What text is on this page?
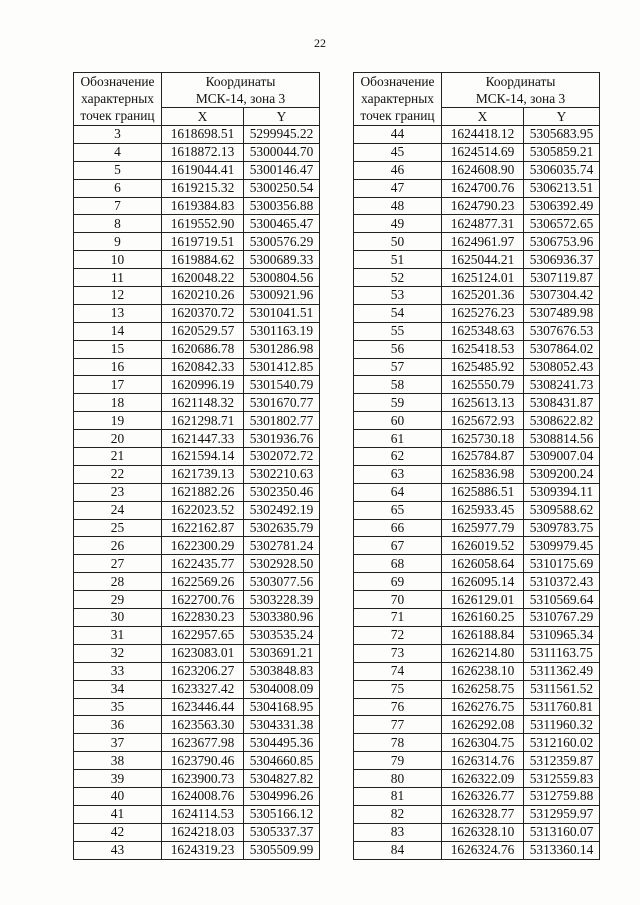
22
Обозначение	Координаты	
характерных	МСК-14, зона 3	
точек границ	X	Y
3	1618698.51	5299945.22
4	1618872.13	5300044.70
5	1619044.41	5300146.47
6	1619215.32	5300250.54
7	1619384.83	5300356.88
8	1619552.90	5300465.47
9	1619719.51	5300576.29
10	1619884.62	5300689.33
11	1620048.22	5300804.56
12	1620210.26	5300921.96
13	1620370.72	5301041.51
14	1620529.57	5301163.19
15	1620686.78	5301286.98
16	1620842.33	5301412.85
17	1620996.19	5301540.79
18	1621148.32	5301670.77
19	1621298.71	5301802.77
20	1621447.33	5301936.76
21	1621594.14	5302072.72
22	1621739.13	5302210.63
23	1621882.26	5302350.46
24	1622023.52	5302492.19
25	1622162.87	5302635.79
26	1622300.29	5302781.24
27	1622435.77	5302928.50
28	1622569.26	5303077.56
29	1622700.76	5303228.39
30	1622830.23	5303380.96
31	1622957.65	5303535.24
32	1623083.01	5303691.21
33	1623206.27	5303848.83
34	1623327.42	5304008.09
35	1623446.44	5304168.95
36	1623563.30	5304331.38
37	1623677.98	5304495.36
38	1623790.46	5304660.85
39	1623900.73	5304827.82
40	1624008.76	5304996.26
41	1624114.53	5305166.12
42	1624218.03	5305337.37
43	1624319.23	5305509.99
Обозначение	Координаты	
характерных	МСК-14, зона 3	
точек границ	X	Y
44	1624418.12	5305683.95
45	1624514.69	5305859.21
46	1624608.90	5306035.74
47	1624700.76	5306213.51
48	1624790.23	5306392.49
49	1624877.31	5306572.65
50	1624961.97	5306753.96
51	1625044.21	5306936.37
52	1625124.01	5307119.87
53	1625201.36	5307304.42
54	1625276.23	5307489.98
55	1625348.63	5307676.53
56	1625418.53	5307864.02
57	1625485.92	5308052.43
58	1625550.79	5308241.73
59	1625613.13	5308431.87
60	1625672.93	5308622.82
61	1625730.18	5308814.56
62	1625784.87	5309007.04
63	1625836.98	5309200.24
64	1625886.51	5309394.11
65	1625933.45	5309588.62
66	1625977.79	5309783.75
67	1626019.52	5309979.45
68	1626058.64	5310175.69
69	1626095.14	5310372.43
70	1626129.01	5310569.64
71	1626160.25	5310767.29
72	1626188.84	5310965.34
73	1626214.80	5311163.75
74	1626238.10	5311362.49
75	1626258.75	5311561.52
76	1626276.75	5311760.81
77	1626292.08	5311960.32
78	1626304.75	5312160.02
79	1626314.76	5312359.87
80	1626322.09	5312559.83
81	1626326.77	5312759.88
82	1626328.77	5312959.97
83	1626328.10	5313160.07
84	1626324.76	5313360.14
